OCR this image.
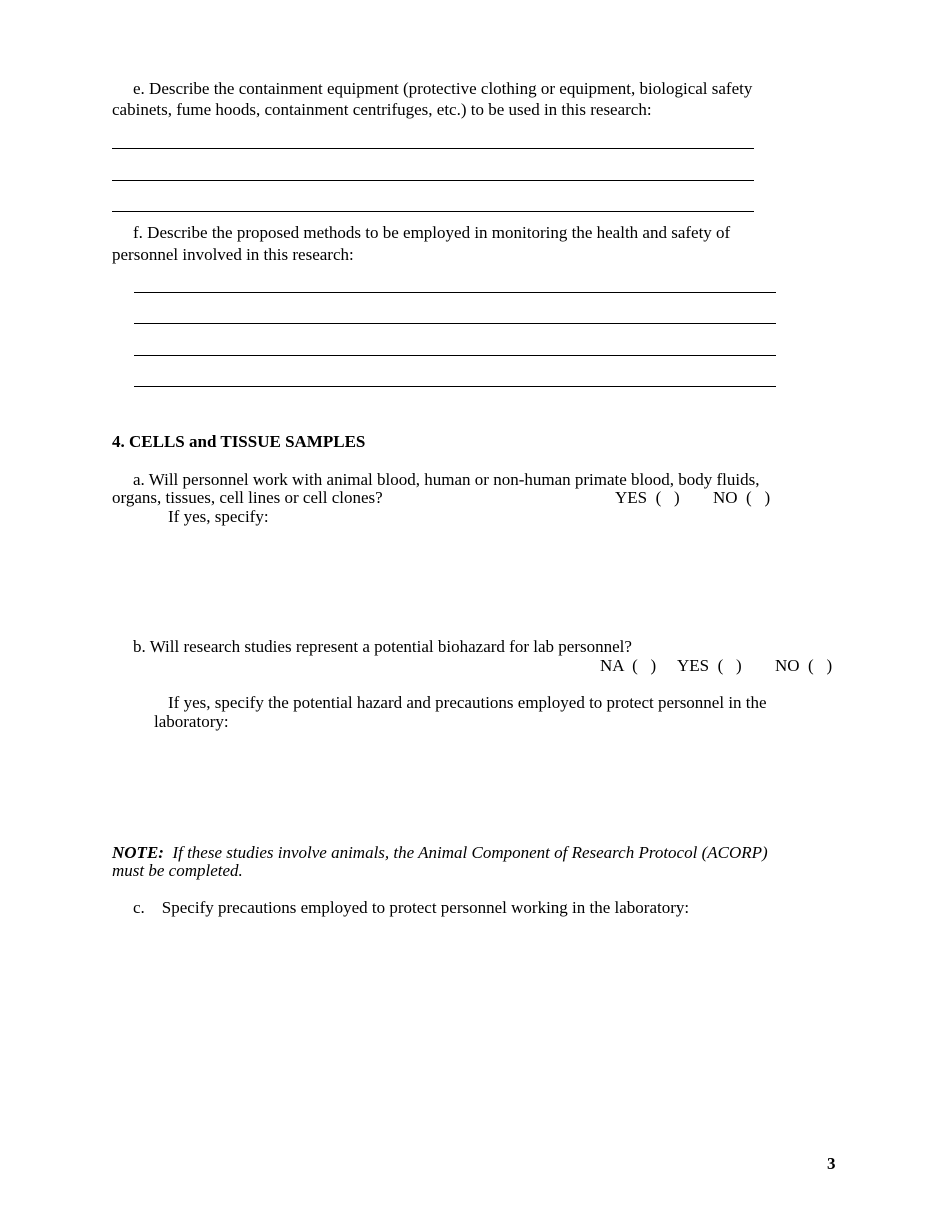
e. Describe the containment equipment (protective clothing or equipment, biological safety
cabinets, fume hoods, containment centrifuges, etc.) to be used in this research:
f. Describe the proposed methods to be employed in monitoring the health and safety of
personnel involved in this research:
4. CELLS and TISSUE SAMPLES
a. Will personnel work with animal blood, human or non-human primate blood, body fluids,
organs, tissues, cell lines or cell clones?	YES  (   ) NO  (   )
If yes, specify:
b. Will research studies represent a potential biohazard for lab personnel?
NA  (   ) YES  (   ) NO  (   )
If yes, specify the potential hazard and precautions employed to protect personnel in the
laboratory:
NOTE:  If these studies involve animals, the Animal Component of Research Protocol (ACORP)
must be completed.
c.    Specify precautions employed to protect personnel working in the laboratory:
3
